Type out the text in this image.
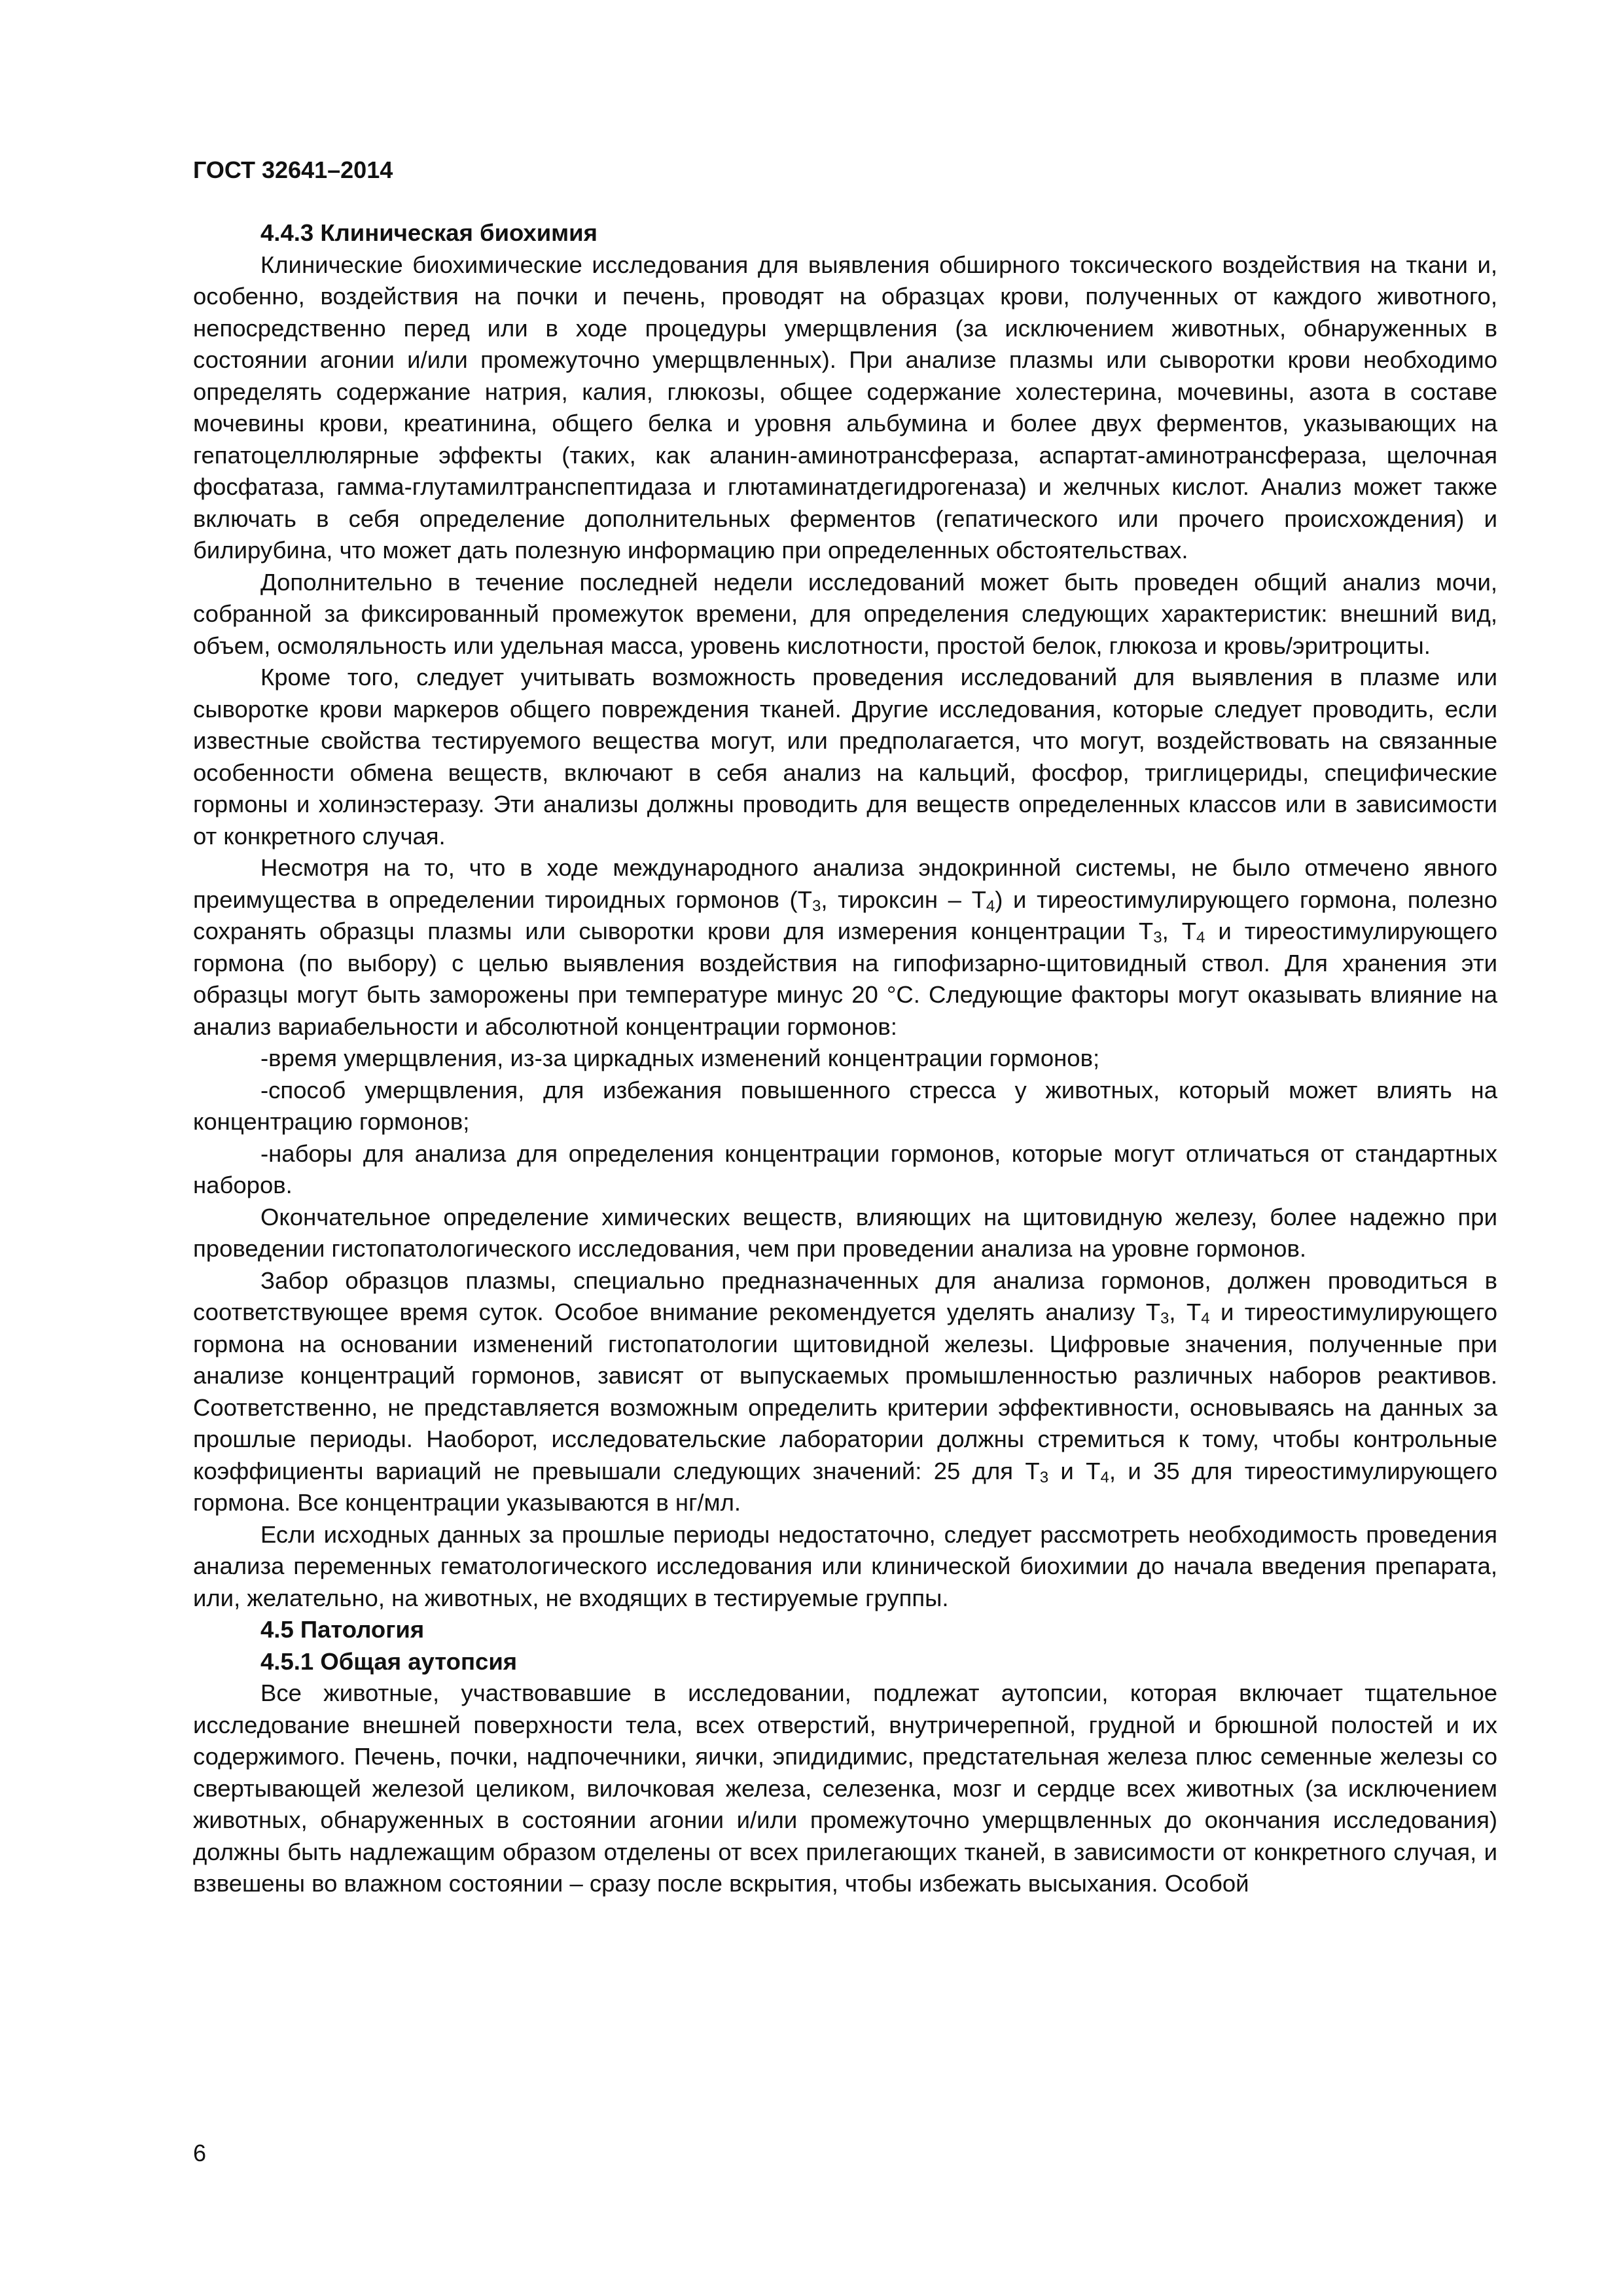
ГОСТ 32641–2014
4.4.3 Клиническая биохимия

Клинические биохимические исследования для выявления обширного токсического воздействия на ткани и, особенно, воздействия на почки и печень, проводят на образцах крови, полученных от каждого животного, непосредственно перед или в ходе процедуры умерщвления (за исключением животных, обнаруженных в состоянии агонии и/или промежуточно умерщвленных). При анализе плазмы или сыворотки крови необходимо определять содержание натрия, калия, глюкозы, общее содержание холестерина, мочевины, азота в составе мочевины крови, креатинина, общего белка и уровня альбумина и более двух ферментов, указывающих на гепатоцеллюлярные эффекты (таких, как аланин-аминотрансфераза, аспартат-аминотрансфераза, щелочная фосфатаза, гамма-глутамилтранспептидаза и глютаминатдегидрогеназа) и желчных кислот. Анализ может также включать в себя определение дополнительных ферментов (гепатического или прочего происхождения) и билирубина, что может дать полезную информацию при определенных обстоятельствах.

Дополнительно в течение последней недели исследований может быть проведен общий анализ мочи, собранной за фиксированный промежуток времени, для определения следующих характеристик: внешний вид, объем, осмоляльность или удельная масса, уровень кислотности, простой белок, глюкоза и кровь/эритроциты.

Кроме того, следует учитывать возможность проведения исследований для выявления в плазме или сыворотке крови маркеров общего повреждения тканей. Другие исследования, которые следует проводить, если известные свойства тестируемого вещества могут, или предполагается, что могут, воздействовать на связанные особенности обмена веществ, включают в себя анализ на кальций, фосфор, триглицериды, специфические гормоны и холинэстеразу. Эти анализы должны проводить для веществ определенных классов или в зависимости от конкретного случая.

Несмотря на то, что в ходе международного анализа эндокринной системы, не было отмечено явного преимущества в определении тироидных гормонов ($Т_3$, тироксин – $Т_4$) и тиреостимулирующего гормона, полезно сохранять образцы плазмы или сыворотки крови для измерения концентрации $Т_3$, $Т_4$ и тиреостимулирующего гормона (по выбору) с целью выявления воздействия на гипофизарно-щитовидный ствол. Для хранения эти образцы могут быть заморожены при температуре минус 20 °С. Следующие факторы могут оказывать влияние на анализ вариабельности и абсолютной концентрации гормонов:

-время умерщвления, из-за циркадных изменений концентрации гормонов;

-способ умерщвления, для избежания повышенного стресса у животных, который может влиять на концентрацию гормонов;

-наборы для анализа для определения концентрации гормонов, которые могут отличаться от стандартных наборов.

Окончательное определение химических веществ, влияющих на щитовидную железу, более надежно при проведении гистопатологического исследования, чем при проведении анализа на уровне гормонов.

Забор образцов плазмы, специально предназначенных для анализа гормонов, должен проводиться в соответствующее время суток. Особое внимание рекомендуется уделять анализу $Т_3$, $Т_4$ и тиреостимулирующего гормона на основании изменений гистопатологии щитовидной железы. Цифровые значения, полученные при анализе концентраций гормонов, зависят от выпускаемых промышленностью различных наборов реактивов. Соответственно, не представляется возможным определить критерии эффективности, основываясь на данных за прошлые периоды. Наоборот, исследовательские лаборатории должны стремиться к тому, чтобы контрольные коэффициенты вариаций не превышали следующих значений: 25 для $Т_3$ и $Т_4$, и 35 для тиреостимулирующего гормона. Все концентрации указываются в нг/мл.

Если исходных данных за прошлые периоды недостаточно, следует рассмотреть необходимость проведения анализа переменных гематологического исследования или клинической биохимии до начала введения препарата, или, желательно, на животных, не входящих в тестируемые группы.

4.5 Патология
4.5.1 Общая аутопсия

Все животные, участвовавшие в исследовании, подлежат аутопсии, которая включает тщательное исследование внешней поверхности тела, всех отверстий, внутричерепной, грудной и брюшной полостей и их содержимого. Печень, почки, надпочечники, яички, эпидидимис, предстательная железа плюс семенные железы со свертывающей железой целиком, вилочковая железа, селезенка, мозг и сердце всех животных (за исключением животных, обнаруженных в состоянии агонии и/или промежуточно умерщвленных до окончания исследования) должны быть надлежащим образом отделены от всех прилегающих тканей, в зависимости от конкретного случая, и взвешены во влажном состоянии – сразу после вскрытия, чтобы избежать высыхания. Особой

6
